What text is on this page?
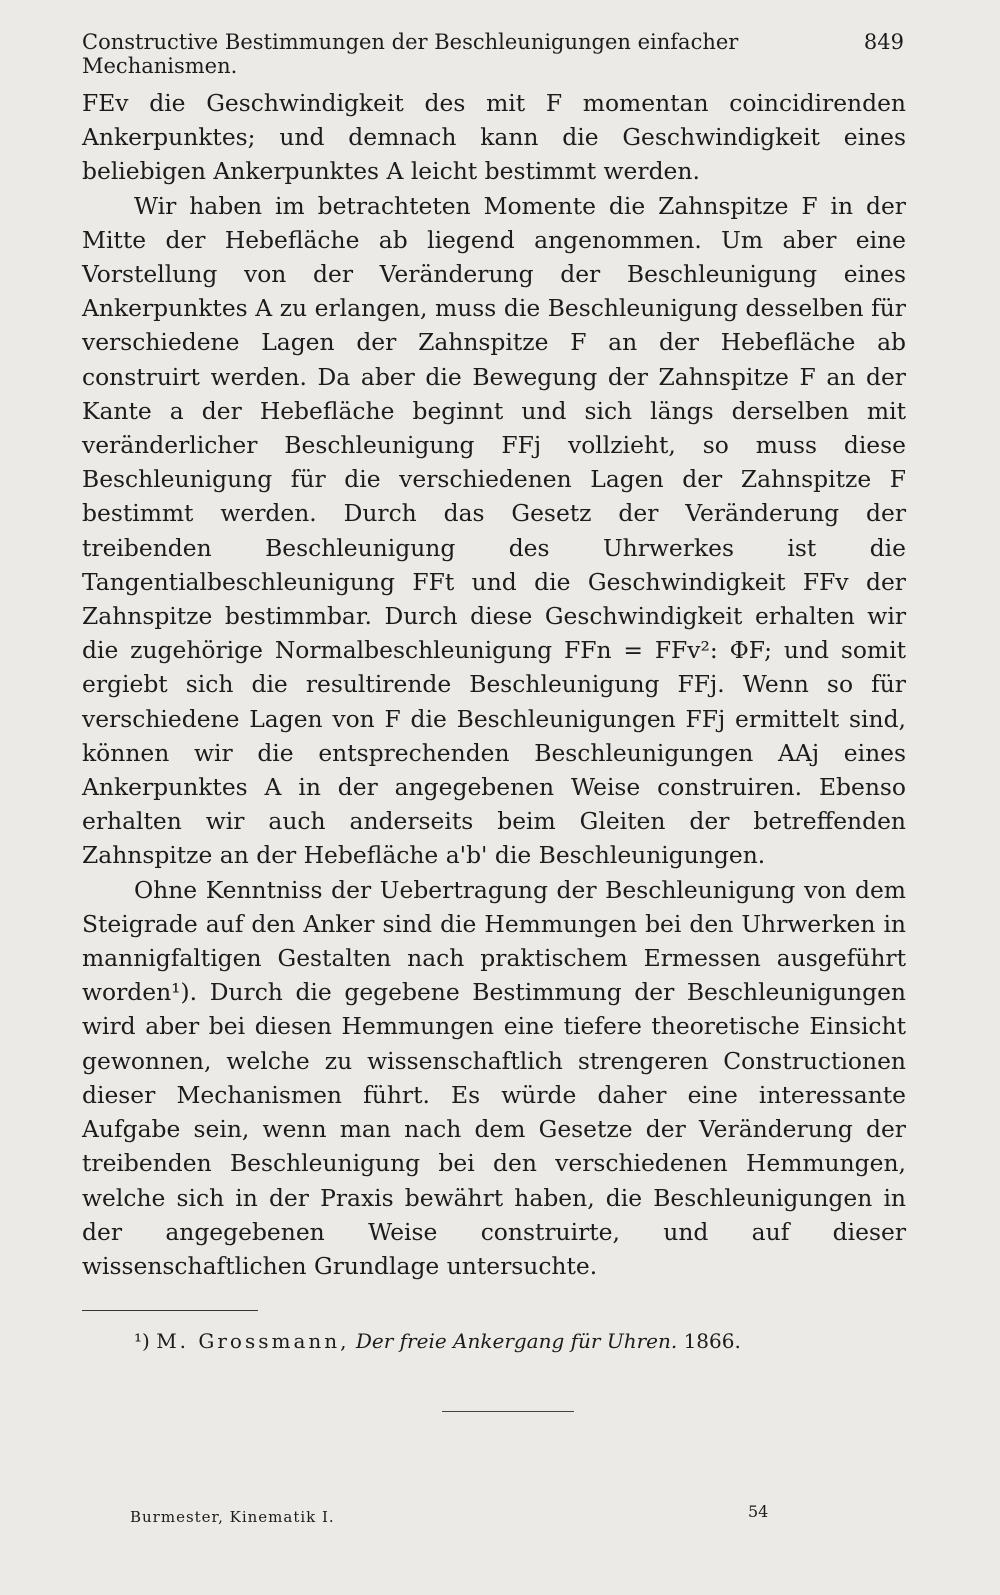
Constructive Bestimmungen der Beschleunigungen einfacher Mechanismen.
849

FEv die Geschwindigkeit des mit F momentan coincidirenden Ankerpunktes; und demnach kann die Geschwindigkeit eines beliebigen Ankerpunktes A leicht bestimmt werden.

Wir haben im betrachteten Momente die Zahnspitze F in der Mitte der Hebefläche ab liegend angenommen. Um aber eine Vorstellung von der Veränderung der Beschleunigung eines Ankerpunktes A zu erlangen, muss die Beschleunigung desselben für verschiedene Lagen der Zahnspitze F an der Hebefläche ab construirt werden. Da aber die Bewegung der Zahnspitze F an der Kante a der Hebefläche beginnt und sich längs derselben mit veränderlicher Beschleunigung FFj vollzieht, so muss diese Beschleunigung für die verschiedenen Lagen der Zahnspitze F bestimmt werden. Durch das Gesetz der Veränderung der treibenden Beschleunigung des Uhrwerkes ist die Tangentialbeschleunigung FFt und die Geschwindigkeit FFv der Zahnspitze bestimmbar. Durch diese Geschwindigkeit erhalten wir die zugehörige Normalbeschleunigung FFn = FFv²: ΦF; und somit ergiebt sich die resultirende Beschleunigung FFj. Wenn so für verschiedene Lagen von F die Beschleunigungen FFj ermittelt sind, können wir die entsprechenden Beschleunigungen AAj eines Ankerpunktes A in der angegebenen Weise construiren. Ebenso erhalten wir auch anderseits beim Gleiten der betreffenden Zahnspitze an der Hebefläche a'b' die Beschleunigungen.

Ohne Kenntniss der Uebertragung der Beschleunigung von dem Steigrade auf den Anker sind die Hemmungen bei den Uhrwerken in mannigfaltigen Gestalten nach praktischem Ermessen ausgeführt worden¹). Durch die gegebene Bestimmung der Beschleunigungen wird aber bei diesen Hemmungen eine tiefere theoretische Einsicht gewonnen, welche zu wissenschaftlich strengeren Constructionen dieser Mechanismen führt. Es würde daher eine interessante Aufgabe sein, wenn man nach dem Gesetze der Veränderung der treibenden Beschleunigung bei den verschiedenen Hemmungen, welche sich in der Praxis bewährt haben, die Beschleunigungen in der angegebenen Weise construirte, und auf dieser wissenschaftlichen Grundlage untersuchte.

¹) M. Grossmann, Der freie Ankergang für Uhren. 1866.
Burmester, Kinematik I.	54
